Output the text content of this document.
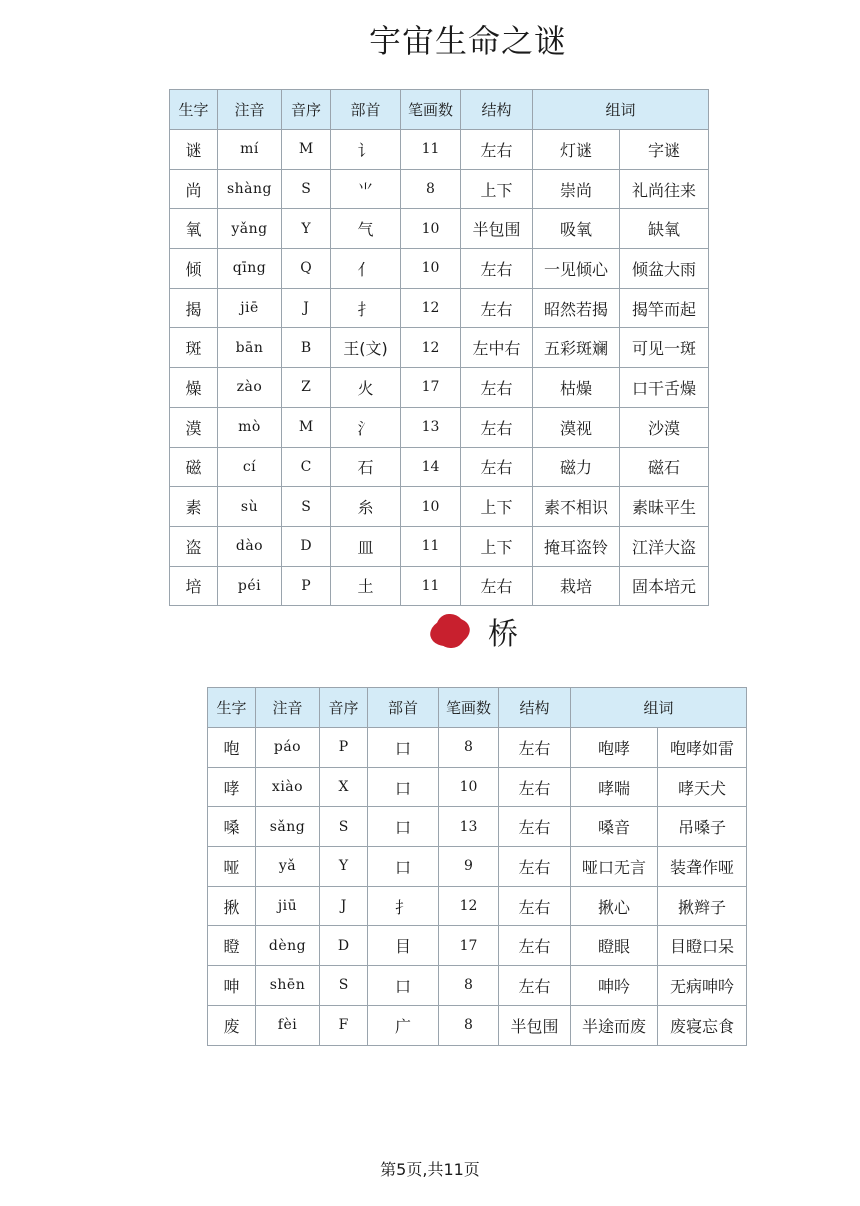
宇宙生命之谜
生字	注音	音序	部首	笔画数	结构	组词	
谜	mí	M	讠	11	左右	灯谜	字谜
尚	shàng	S	⺌	8	上下	崇尚	礼尚往来
氧	yǎng	Y	气	10	半包围	吸氧	缺氧
倾	qīng	Q	亻	10	左右	一见倾心	倾盆大雨
揭	jiē	J	扌	12	左右	昭然若揭	揭竿而起
斑	bān	B	王(文)	12	左中右	五彩斑斓	可见一斑
燥	zào	Z	火	17	左右	枯燥	口干舌燥
漠	mò	M	氵	13	左右	漠视	沙漠
磁	cí	C	石	14	左右	磁力	磁石
素	sù	S	糸	10	上下	素不相识	素昧平生
盗	dào	D	皿	11	上下	掩耳盗铃	江洋大盗
培	péi	P	土	11	左右	栽培	固本培元
桥
生字	注音	音序	部首	笔画数	结构	组词	
咆	páo	P	口	8	左右	咆哮	咆哮如雷
哮	xiào	X	口	10	左右	哮喘	哮天犬
嗓	sǎng	S	口	13	左右	嗓音	吊嗓子
哑	yǎ	Y	口	9	左右	哑口无言	装聋作哑
揪	jiū	J	扌	12	左右	揪心	揪辫子
瞪	dèng	D	目	17	左右	瞪眼	目瞪口呆
呻	shēn	S	口	8	左右	呻吟	无病呻吟
废	fèi	F	广	8	半包围	半途而废	废寝忘食
第5页,共11页
